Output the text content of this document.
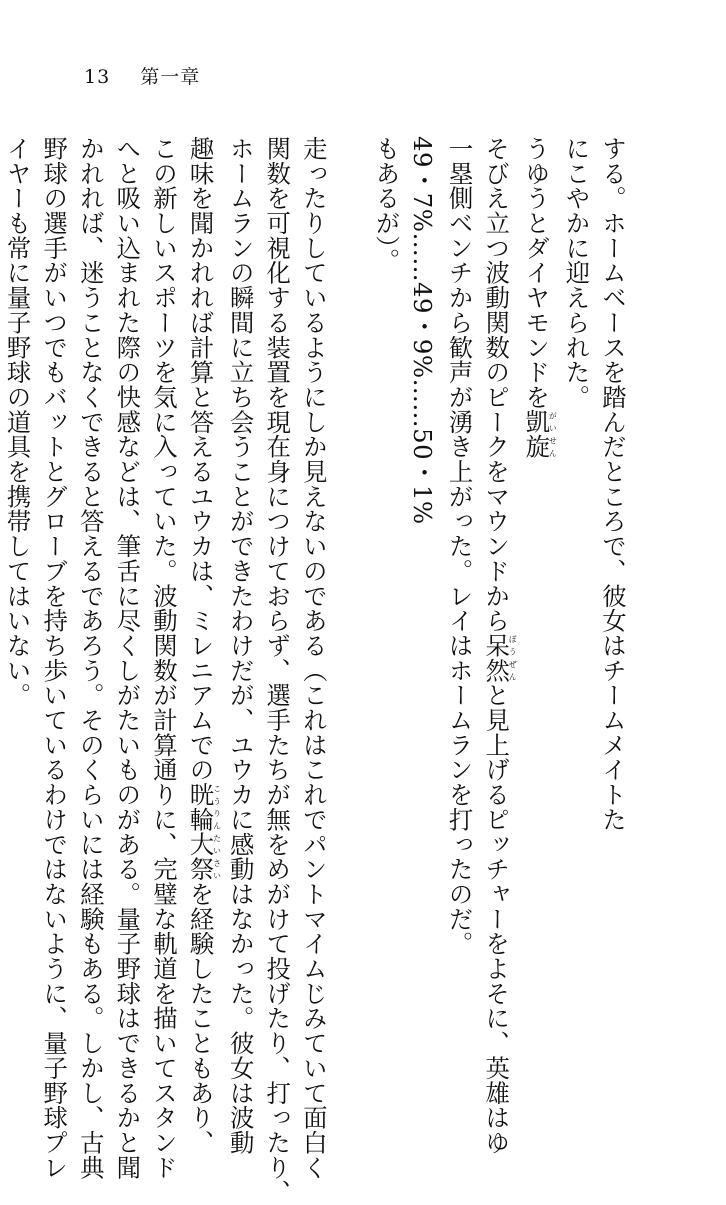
13 第一章
する。ホームベースを踏んだところで、彼女はチームメイトた
にこやかに迎えられた。
うゆうとダイヤモンドを凱旋がいせん
そびえ立つ波動関数のピークをマウンドから呆然ぼうぜんと見上げるピッチャーをよそに、英雄はゆ
一塁側ベンチから歓声が湧き上がった。レイはホームランを打ったのだ。
49・7%……49・9%……50・1%
もあるが）。
走ったりしているようにしか見えないのである（これはこれでパントマイムじみていて面白く
関数を可視化する装置を現在身につけておらず、選手たちが無をめがけて投げたり、打ったり、
ホームランの瞬間に立ち会うことができたわけだが、ユウカに感動はなかった。彼女は波動
趣味を聞かれれば計算と答えるユウカは、ミレニアムでの晄輪大祭こうりんたいさいを経験したこともあり、
この新しいスポーツを気に入っていた。波動関数が計算通りに、完璧な軌道を描いてスタンド
へと吸い込まれた際の快感などは、筆舌に尽くしがたいものがある。量子野球はできるかと聞
かれれば、迷うことなくできると答えるであろう。そのくらいには経験もある。しかし、古典
野球の選手がいつでもバットとグローブを持ち歩いているわけではないように、量子野球プレ
イヤーも常に量子野球の道具を携帯してはいない。
